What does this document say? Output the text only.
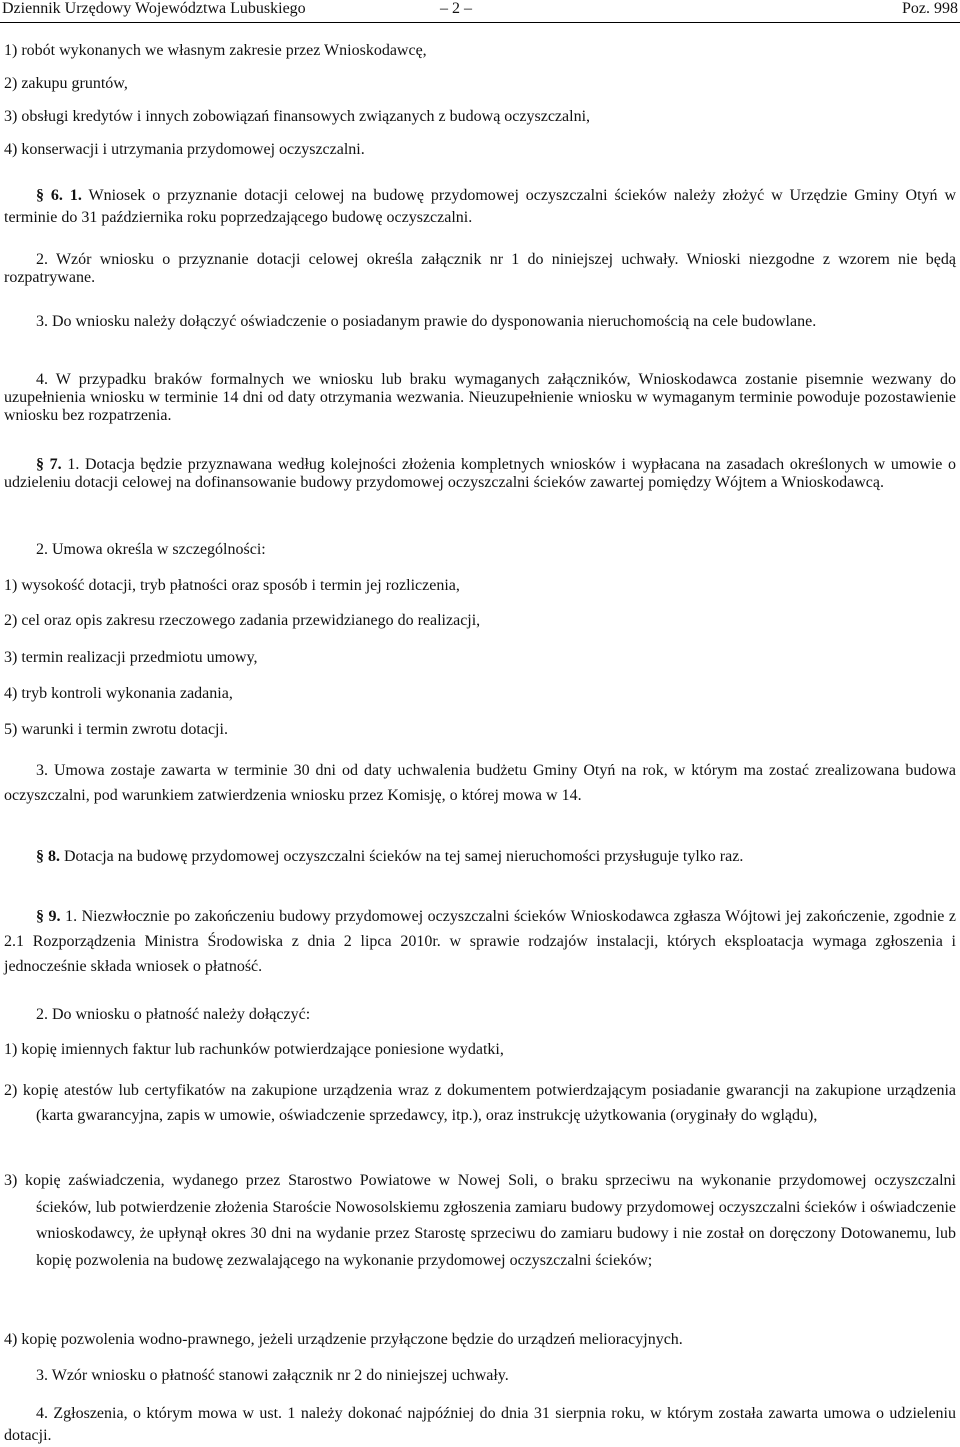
Dziennik Urzędowy Województwa Lubuskiego	– 2 –	Poz. 998
1) robót wykonanych we własnym zakresie przez Wnioskodawcę,
2) zakupu gruntów,
3) obsługi kredytów i innych zobowiązań finansowych związanych z budową oczyszczalni,
4) konserwacji i utrzymania przydomowej oczyszczalni.
§ 6. 1. Wniosek o przyznanie dotacji celowej na budowę przydomowej oczyszczalni ścieków należy złożyć w Urzędzie Gminy Otyń w terminie do 31 października roku poprzedzającego budowę oczyszczalni.
2. Wzór wniosku o przyznanie dotacji celowej określa załącznik nr 1 do niniejszej uchwały. Wnioski niezgodne z wzorem nie będą rozpatrywane.
3. Do wniosku należy dołączyć oświadczenie o posiadanym prawie do dysponowania nieruchomością na cele budowlane.
4. W przypadku braków formalnych we wniosku lub braku wymaganych załączników, Wnioskodawca zostanie pisemnie wezwany do uzupełnienia wniosku w terminie 14 dni od daty otrzymania wezwania. Nieuzupełnienie wniosku w wymaganym terminie powoduje pozostawienie wniosku bez rozpatrzenia.
§ 7. 1. Dotacja będzie przyznawana według kolejności złożenia kompletnych wniosków i wypłacana na zasadach określonych w umowie o udzieleniu dotacji celowej na dofinansowanie budowy przydomowej oczyszczalni ścieków zawartej pomiędzy Wójtem a Wnioskodawcą.
2. Umowa określa w szczególności:
1) wysokość dotacji, tryb płatności oraz sposób i termin jej rozliczenia,
2) cel oraz opis zakresu rzeczowego zadania przewidzianego do realizacji,
3) termin realizacji przedmiotu umowy,
4) tryb kontroli wykonania zadania,
5) warunki i termin zwrotu dotacji.
3. Umowa zostaje zawarta w terminie 30 dni od daty uchwalenia budżetu Gminy Otyń na rok, w którym ma zostać zrealizowana budowa oczyszczalni, pod warunkiem zatwierdzenia wniosku przez Komisję, o której mowa w 14.
§ 8. Dotacja na budowę przydomowej oczyszczalni ścieków na tej samej nieruchomości przysługuje tylko raz.
§ 9. 1. Niezwłocznie po zakończeniu budowy przydomowej oczyszczalni ścieków Wnioskodawca zgłasza Wójtowi jej zakończenie, zgodnie z 2.1 Rozporządzenia Ministra Środowiska z dnia 2 lipca 2010r. w sprawie rodzajów instalacji, których eksploatacja wymaga zgłoszenia i jednocześnie składa wniosek o płatność.
2. Do wniosku o płatność należy dołączyć:
1) kopię imiennych faktur lub rachunków potwierdzające poniesione wydatki,
2) kopię atestów lub certyfikatów na zakupione urządzenia wraz z dokumentem potwierdzającym posiadanie gwarancji na zakupione urządzenia (karta gwarancyjna, zapis w umowie, oświadczenie sprzedawcy, itp.), oraz instrukcję użytkowania (oryginały do wglądu),
3) kopię zaświadczenia, wydanego przez Starostwo Powiatowe w Nowej Soli, o braku sprzeciwu na wykonanie przydomowej oczyszczalni ścieków, lub potwierdzenie złożenia Staroście Nowosolskiemu zgłoszenia zamiaru budowy przydomowej oczyszczalni ścieków i oświadczenie wnioskodawcy, że upłynął okres 30 dni na wydanie przez Starostę sprzeciwu do zamiaru budowy i nie został on doręczony Dotowanemu, lub kopię pozwolenia na budowę zezwalającego na wykonanie przydomowej oczyszczalni ścieków;
4) kopię pozwolenia wodno-prawnego, jeżeli urządzenie przyłączone będzie do urządzeń melioracyjnych.
3. Wzór wniosku o płatność stanowi załącznik nr 2 do niniejszej uchwały.
4. Zgłoszenia, o którym mowa w ust. 1 należy dokonać najpóźniej do dnia 31 sierpnia roku, w którym została zawarta umowa o udzieleniu dotacji.
